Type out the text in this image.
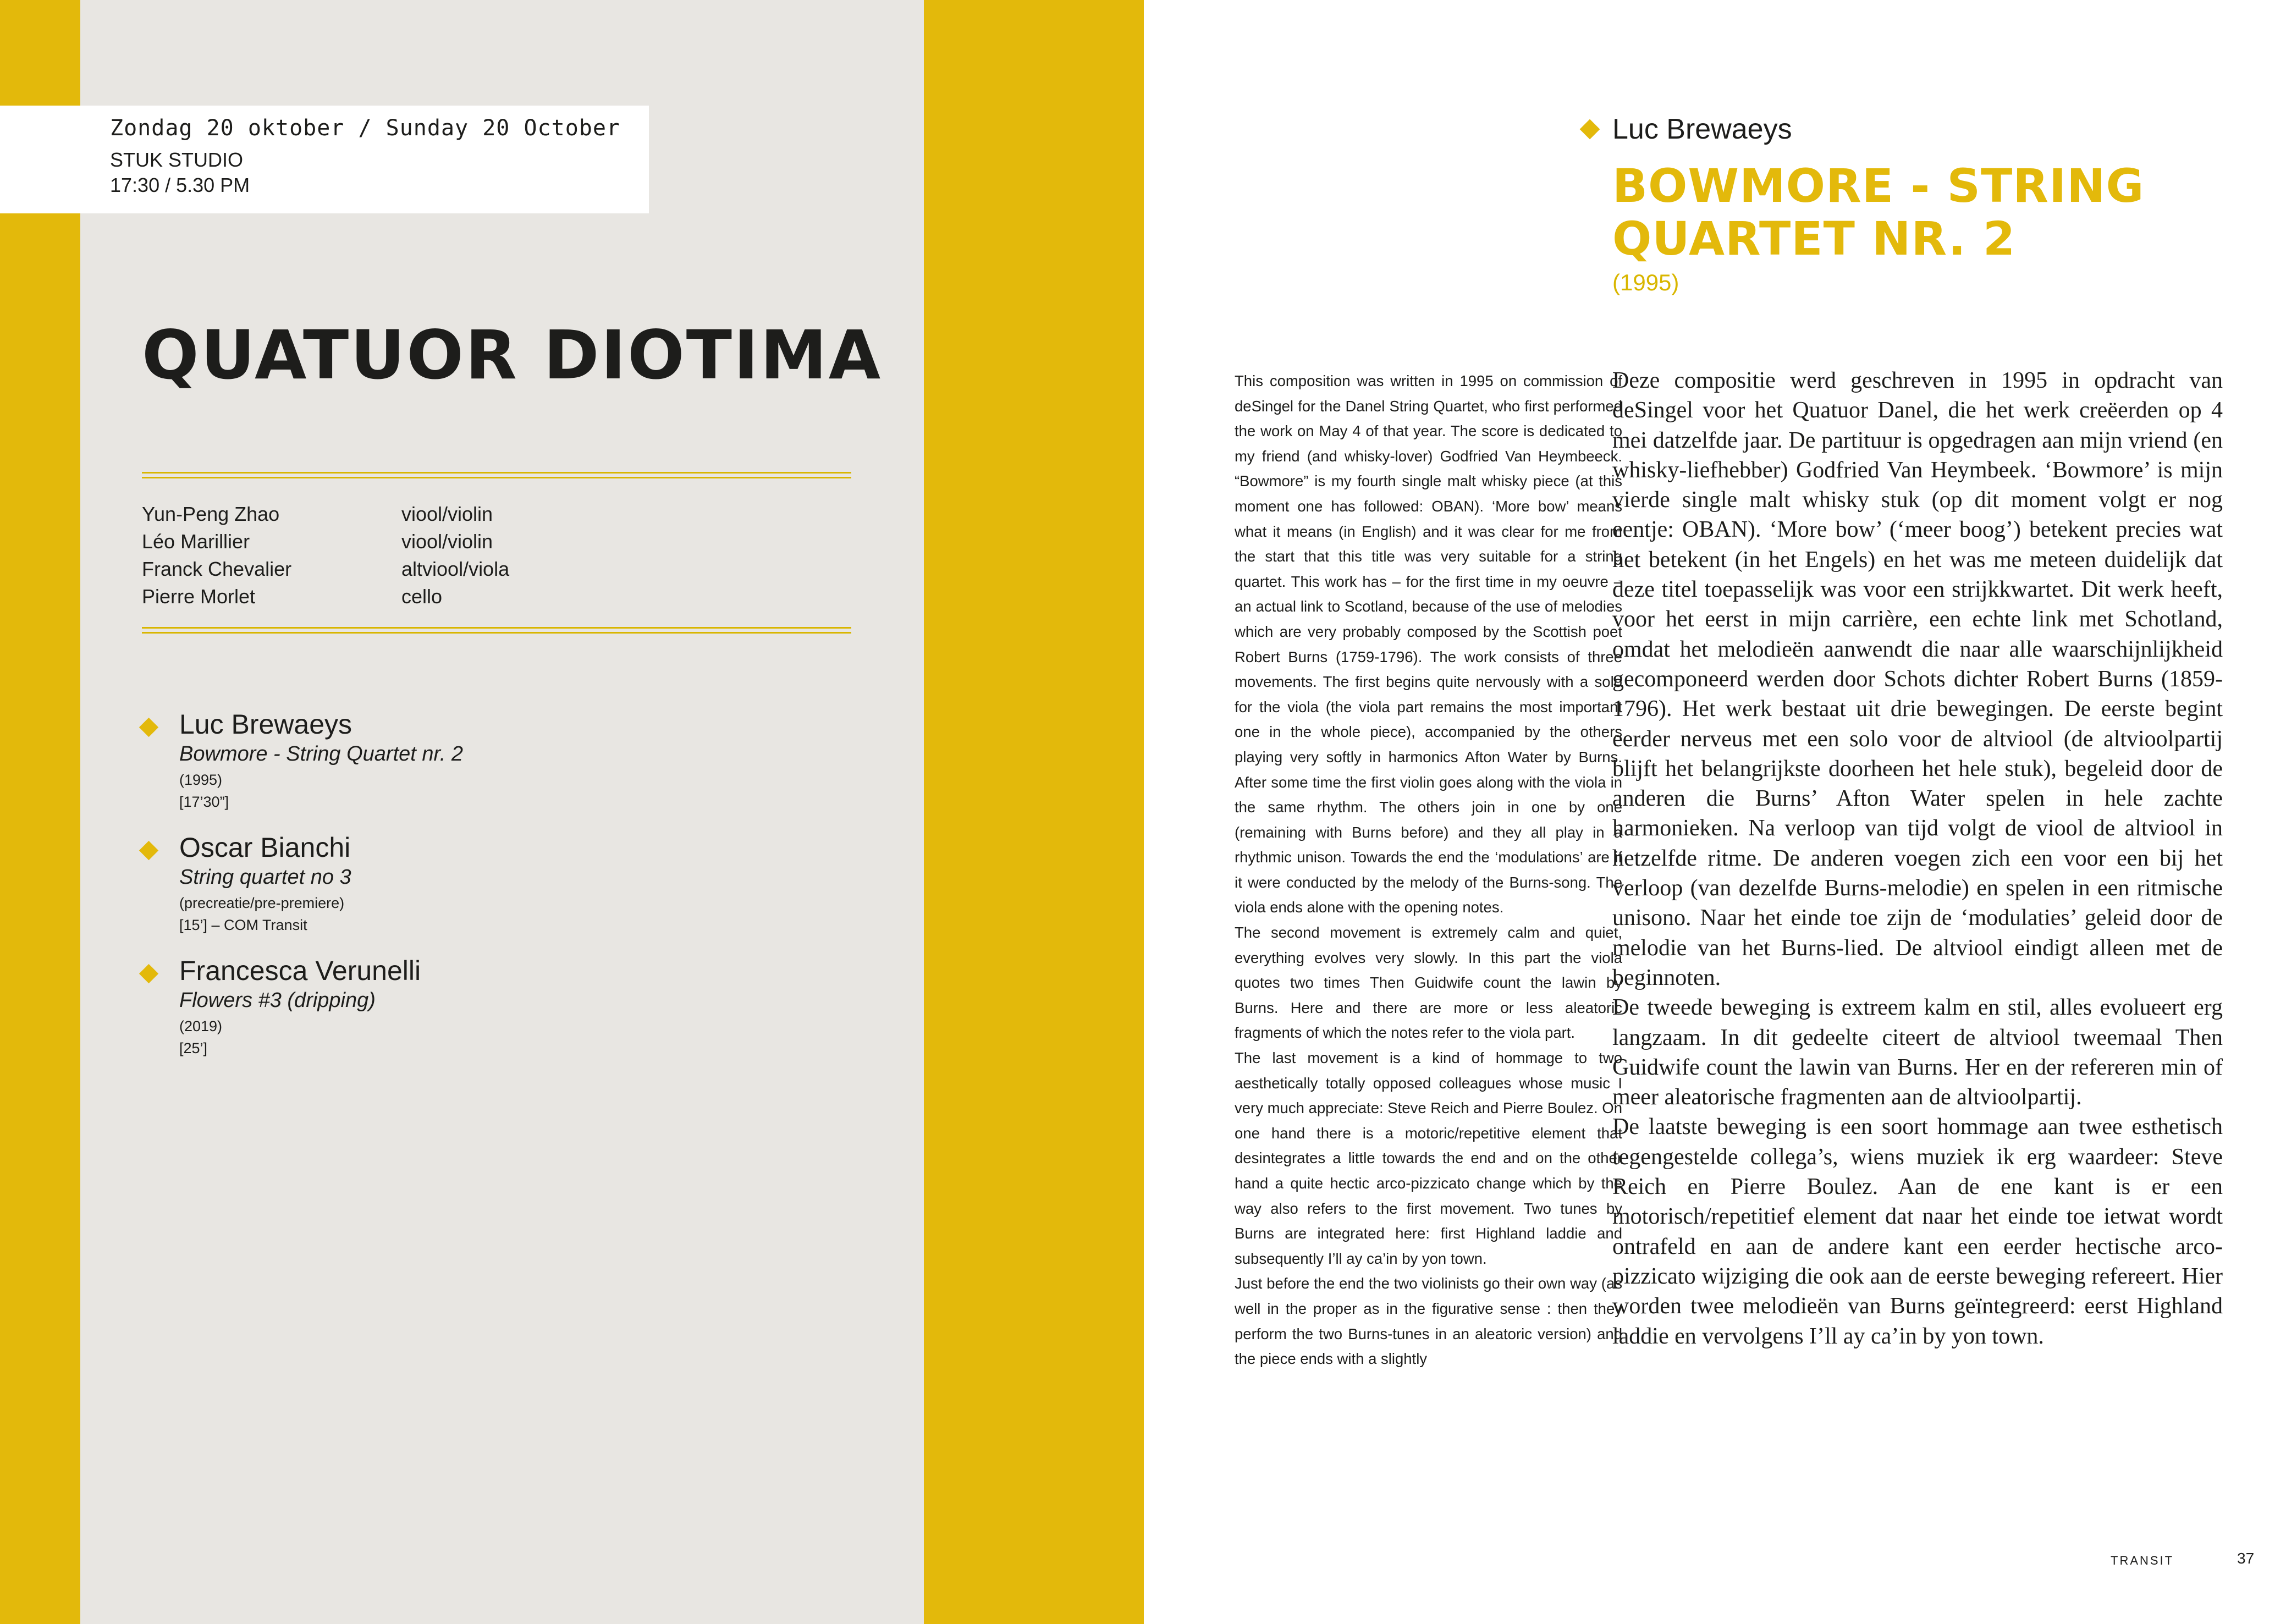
Zondag 20 oktober / Sunday 20 October
STUK STUDIO
17:30 / 5.30 PM
QUATUOR DIOTIMA
Yun-Peng Zhao	viool/violin
Léo Marillier	viool/violin
Franck Chevalier	altviool/viola
Pierre Morlet	cello
Luc Brewaeys
Bowmore - String Quartet nr. 2
(1995)
[17’30”]
Oscar Bianchi
String quartet no 3
(precreatie/pre-premiere)
[15’] – COM Transit
Francesca Verunelli
Flowers #3 (dripping)
(2019)
[25’]
Luc Brewaeys
BOWMORE - STRING QUARTET NR. 2
(1995)

This composition was written in 1995 on commission of deSingel for the Danel String Quartet, who first performed the work on May 4 of that year. The score is dedicated to my friend (and whisky-lover) Godfried Van Heymbeeck. “Bowmore” is my fourth single malt whisky piece (at this moment one has followed: OBAN). ‘More bow’ means what it means (in English) and it was clear for me from the start that this title was very suitable for a string quartet. This work has – for the first time in my oeuvre – an actual link to Scotland, because of the use of melodies which are very probably composed by the Scottish poet Robert Burns (1759-1796). The work consists of three movements. The first begins quite nervously with a solo for the viola (the viola part remains the most important one in the whole piece), accompanied by the others playing very softly in harmonics Afton Water by Burns. After some time the first violin goes along with the viola in the same rhythm. The others join in one by one (remaining with Burns before) and they all play in a rhythmic unison. Towards the end the ‘modulations’ are if it were conducted by the melody of the Burns-song. The viola ends alone with the opening notes.

The second movement is extremely calm and quiet, everything evolves very slowly. In this part the viola quotes two times Then Guidwife count the lawin by Burns. Here and there are more or less aleatoric fragments of which the notes refer to the viola part.

The last movement is a kind of hommage to two aesthetically totally opposed colleagues whose music I very much appreciate: Steve Reich and Pierre Boulez. On one hand there is a motoric/repetitive element that desintegrates a little towards the end and on the other hand a quite hectic arco-pizzicato change which by the way also refers to the first movement. Two tunes by Burns are integrated here: first Highland laddie and subsequently I’ll ay ca’in by yon town.

Just before the end the two violinists go their own way (as well in the proper as in the figurative sense : then they perform the two Burns-tunes in an aleatoric version) and the piece ends with a slightly

Deze compositie werd geschreven in 1995 in opdracht van deSingel voor het Quatuor Danel, die het werk creëerden op 4 mei datzelfde jaar. De partituur is opgedragen aan mijn vriend (en whisky-liefhebber) Godfried Van Heymbeek. ‘Bowmore’ is mijn vierde single malt whisky stuk (op dit moment volgt er nog eentje: OBAN). ‘More bow’ (‘meer boog’) betekent precies wat het betekent (in het Engels) en het was me meteen duidelijk dat deze titel toepasselijk was voor een strijkkwartet. Dit werk heeft, voor het eerst in mijn carrière, een echte link met Schotland, omdat het melodieën aanwendt die naar alle waarschijnlijkheid gecomponeerd werden door Schots dichter Robert Burns (1859-1796). Het werk bestaat uit drie bewegingen. De eerste begint eerder nerveus met een solo voor de altviool (de altvioolpartij blijft het belangrijkste doorheen het hele stuk), begeleid door de anderen die Burns’ Afton Water spelen in hele zachte harmonieken. Na verloop van tijd volgt de viool de altviool in hetzelfde ritme. De anderen voegen zich een voor een bij het verloop (van dezelfde Burns-melodie) en spelen in een ritmische unisono. Naar het einde toe zijn de ‘modulaties’ geleid door de melodie van het Burns-lied. De altviool eindigt alleen met de beginnoten.

De tweede beweging is extreem kalm en stil, alles evolueert erg langzaam. In dit gedeelte citeert de altviool tweemaal Then Guidwife count the lawin van Burns. Her en der refereren min of meer aleatorische fragmenten aan de altvioolpartij.

De laatste beweging is een soort hommage aan twee esthetisch tegengestelde collega’s, wiens muziek ik erg waardeer: Steve Reich en Pierre Boulez. Aan de ene kant is er een motorisch/repetitief element dat naar het einde toe ietwat wordt ontrafeld en aan de andere kant een eerder hectische arco-pizzicato wijziging die ook aan de eerste beweging refereert. Hier worden twee melodieën van Burns geïntegreerd: eerst Highland laddie en vervolgens I’ll ay ca’in by yon town.

TRANSIT	37
